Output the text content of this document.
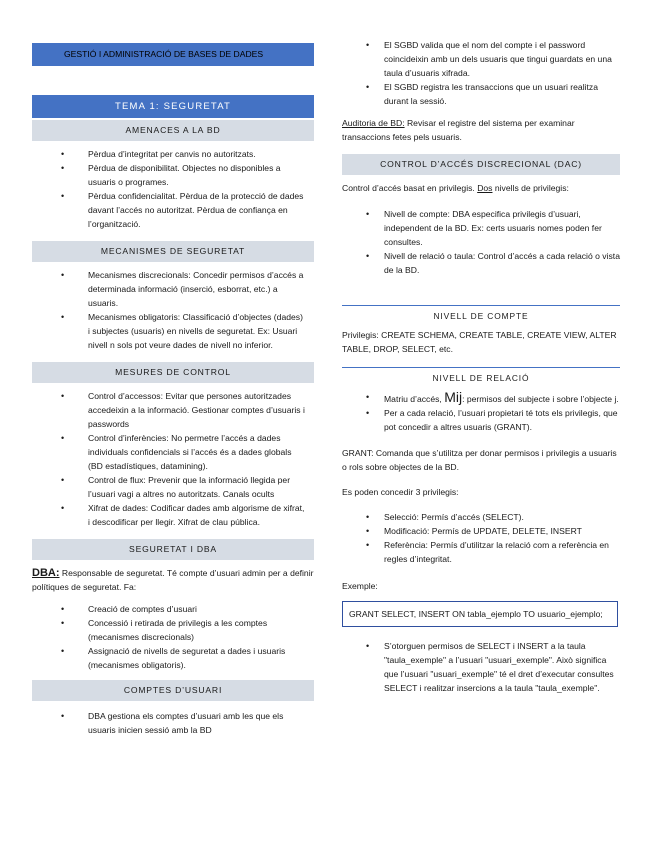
GESTIÓ I ADMINISTRACIÓ DE BASES DE DADES
TEMA 1: SEGURETAT
AMENACES A LA BD
• Pèrdua d’integritat per canvis no autoritzats.
• Pèrdua de disponibilitat. Objectes no disponibles a usuaris o programes.
• Pèrdua confidencialitat. Pèrdua de la protecció de dades davant l’accés no autoritzat. Pèrdua de confiança en l’organització.
MECANISMES DE SEGURETAT
• Mecanismes discrecionals: Concedir permisos d’accés a determinada informació (inserció, esborrat, etc.) a usuaris.
• Mecanismes obligatoris: Classificació d’objectes (dades) i subjectes (usuaris) en nivells de seguretat. Ex: Usuari nivell n sols pot veure dades de nivell no inferior.
MESURES DE CONTROL
• Control d’accessos: Evitar que persones autoritzades accedeixin a la informació. Gestionar comptes d’usuaris i passwords
• Control d’inferències: No permetre l’accés a dades individuals confidencials si l’accés és a dades globals (BD estadístiques, datamining).
• Control de flux: Prevenir que la informació llegida per l’usuari vagi a altres no autoritzats. Canals ocults
• Xifrat de dades: Codificar dades amb algorisme de xifrat, i descodificar per llegir. Xifrat de clau pública.
SEGURETAT I DBA

DBA: Responsable de seguretat. Té compte d’usuari admin per a definir polítiques de seguretat. Fa:

• Creació de comptes d’usuari
• Concessió i retirada de privilegis a les comptes (mecanismes discrecionals)
• Assignació de nivells de seguretat a dades i usuaris (mecanismes obligatoris).
COMPTES D’USUARI
• DBA gestiona els comptes d’usuari amb les que els usuaris inicien sessió amb la BD
• El SGBD valida que el nom del compte i el password coincideixin amb un dels usuaris que tingui guardats en una taula d’usuaris xifrada.
• El SGBD registra les transaccions que un usuari realitza durant la sessió.

Auditoria de BD: Revisar el registre del sistema per examinar transaccions fetes pels usuaris.

CONTROL D’ACCÉS DISCRECIONAL (DAC)

Control d’accés basat en privilegis. Dos nivells de privilegis:

• Nivell de compte: DBA especifica privilegis d’usuari, independent de la BD. Ex: certs usuaris nomes poden fer consultes.
• Nivell de relació o taula: Control d’accés a cada relació o vista de la BD.
NIVELL DE COMPTE

Privilegis: CREATE SCHEMA, CREATE TABLE, CREATE VIEW, ALTER TABLE, DROP, SELECT, etc.

NIVELL DE RELACIÓ
• Matriu d’accés, Mij: permisos del subjecte i sobre l’objecte j.
• Per a cada relació, l’usuari propietari té tots els privilegis, que pot concedir a altres usuaris (GRANT).

GRANT: Comanda que s’utilitza per donar permisos i privilegis a usuaris o rols sobre objectes de la BD.

Es poden concedir 3 privilegis:

• Selecció: Permís d’accés (SELECT).
• Modificació: Permís de UPDATE, DELETE, INSERT
• Referència: Permís d’utilitzar la relació com a referència en regles d’integritat.

Exemple:

GRANT SELECT, INSERT ON tabla_ejemplo TO usuario_ejemplo;
• S’otorguen permisos de SELECT i INSERT a la taula "taula_exemple" a l’usuari "usuari_exemple". Això significa que l’usuari "usuari_exemple" té el dret d’executar consultes SELECT i realitzar insercions a la taula "taula_exemple".
